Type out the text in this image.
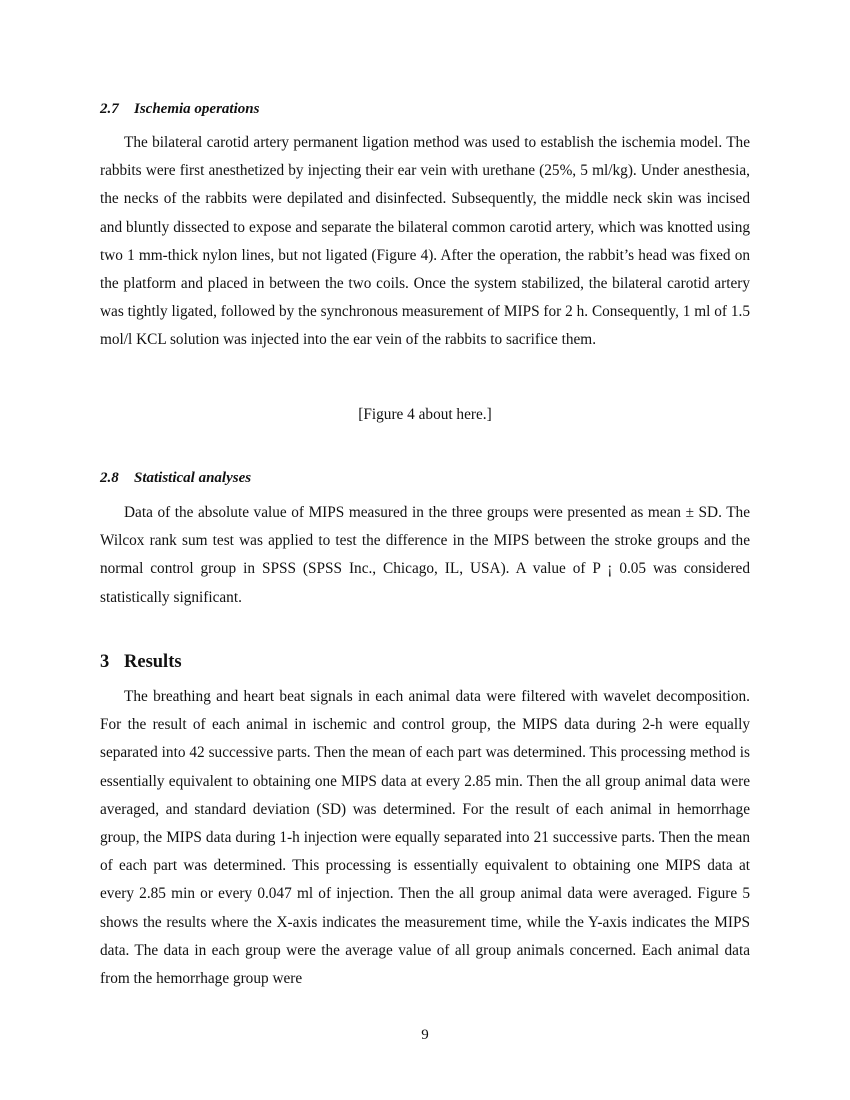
2.7 Ischemia operations

The bilateral carotid artery permanent ligation method was used to establish the ischemia model. The rabbits were first anesthetized by injecting their ear vein with urethane (25%, 5 ml/kg). Under anesthesia, the necks of the rabbits were depilated and disinfected. Subsequently, the middle neck skin was incised and bluntly dissected to expose and separate the bilateral common carotid artery, which was knotted using two 1 mm-thick nylon lines, but not ligated (Figure 4). After the operation, the rabbit’s head was fixed on the platform and placed in between the two coils. Once the system stabilized, the bilateral carotid artery was tightly ligated, followed by the synchronous measurement of MIPS for 2 h. Consequently, 1 ml of 1.5 mol/l KCL solution was injected into the ear vein of the rabbits to sacrifice them.

[Figure 4 about here.]
2.8 Statistical analyses

Data of the absolute value of MIPS measured in the three groups were presented as mean ± SD. The Wilcox rank sum test was applied to test the difference in the MIPS between the stroke groups and the normal control group in SPSS (SPSS Inc., Chicago, IL, USA). A value of P ¡ 0.05 was considered statistically significant.

3 Results

The breathing and heart beat signals in each animal data were filtered with wavelet decomposition. For the result of each animal in ischemic and control group, the MIPS data during 2-h were equally separated into 42 successive parts. Then the mean of each part was determined. This processing method is essentially equivalent to obtaining one MIPS data at every 2.85 min. Then the all group animal data were averaged, and standard deviation (SD) was determined. For the result of each animal in hemorrhage group, the MIPS data during 1-h injection were equally separated into 21 successive parts. Then the mean of each part was determined. This processing is essentially equivalent to obtaining one MIPS data at every 2.85 min or every 0.047 ml of injection. Then the all group animal data were averaged. Figure 5 shows the results where the X-axis indicates the measurement time, while the Y-axis indicates the MIPS data. The data in each group were the average value of all group animals concerned. Each animal data from the hemorrhage group were

9
